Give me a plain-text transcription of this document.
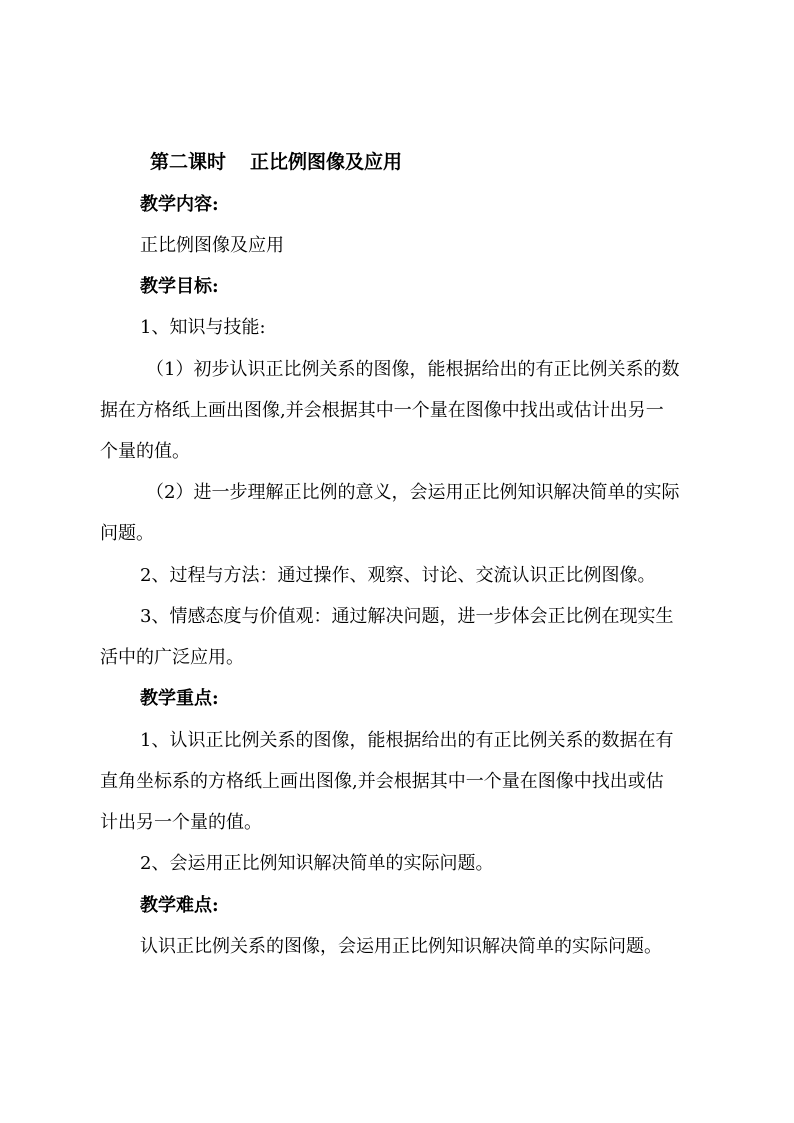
第二课时 正比例图像及应用
教学内容:
正比例图像及应用
教学目标:
1、知识与技能:
（1）初步认识正比例关系的图像，能根据给出的有正比例关系的数
据在方格纸上画出图像,并会根据其中一个量在图像中找出或估计出另一
个量的值。
（2）进一步理解正比例的意义，会运用正比例知识解决简单的实际
问题。
2、过程与方法：通过操作、观察、讨论、交流认识正比例图像。
3、情感态度与价值观：通过解决问题，进一步体会正比例在现实生
活中的广泛应用。
教学重点:
1、认识正比例关系的图像，能根据给出的有正比例关系的数据在有
直角坐标系的方格纸上画出图像,并会根据其中一个量在图像中找出或估
计出另一个量的值。
2、会运用正比例知识解决简单的实际问题。
教学难点:
认识正比例关系的图像，会运用正比例知识解决简单的实际问题。
